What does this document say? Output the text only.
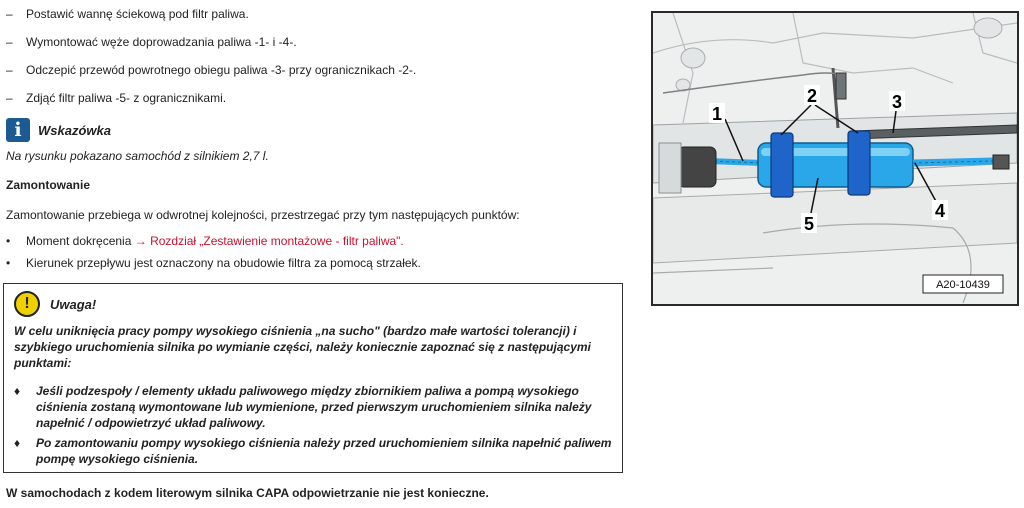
– Postawić wannę ściekową pod filtr paliwa.
– Wymontować węże doprowadzania paliwa -1- i -4-.
– Odczepić przewód powrotnego obiegu paliwa -3- przy ogranicznikach -2-.
– Zdjąć filtr paliwa -5- z ogranicznikami.
i	Wskazówka
Na rysunku pokazano samochód z silnikiem 2,7 l.
Zamontowanie
Zamontowanie przebiega w odwrotnej kolejności, przestrzegać przy tym następujących punktów:
• Moment dokręcenia → Rozdział „Zestawienie montażowe - filtr paliwa".
• Kierunek przepływu jest oznaczony na obudowie filtra za pomocą strzałek.
!	Uwaga!
W celu uniknięcia pracy pompy wysokiego ciśnienia „na sucho" (bardzo małe wartości tolerancji) i szybkiego uruchomienia silnika po wymianie części, należy koniecznie zapoznać się z następującymi punktami:
♦ Jeśli podzespoły / elementy układu paliwowego między zbiornikiem paliwa a pompą wysokiego ciśnienia zostaną wymontowane lub wymienione, przed pierwszym uruchomieniem silnika należy napełnić / odpowietrzyć układ paliwowy.
♦ Po zamontowaniu pompy wysokiego ciśnienia należy przed uruchomieniem silnika napełnić paliwem pompę wysokiego ciśnienia.
W samochodach z kodem literowym silnika CAPA odpowietrzanie nie jest konieczne.
1
2	3
4
5
A20-10439
